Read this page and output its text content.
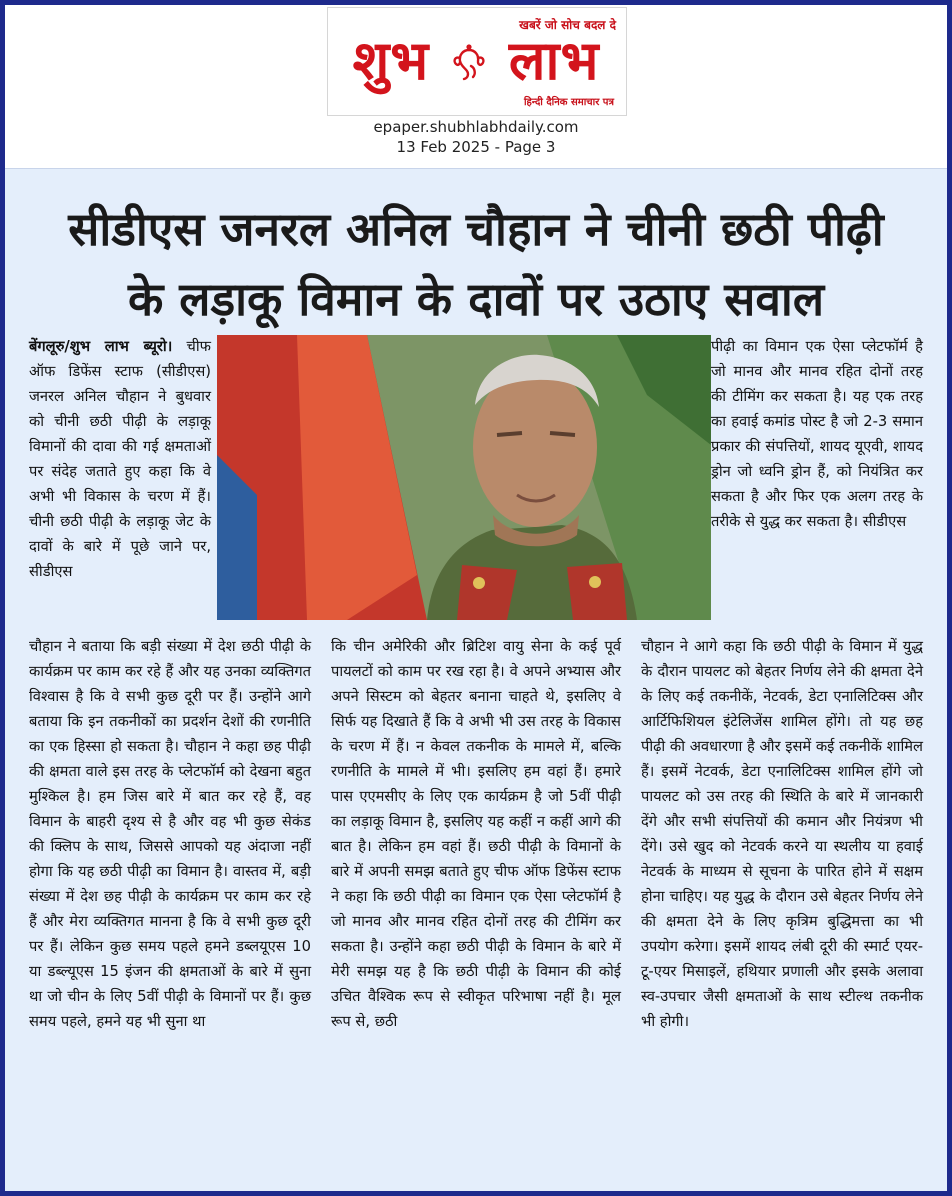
खबरें जो सोच बदल दे
शुभ लाभ
हिन्दी दैनिक समाचार पत्र
epaper.shubhlabhdaily.com
13 Feb 2025 - Page 3
सीडीएस जनरल अनिल चौहान ने चीनी छठी पीढ़ी
के लड़ाकू विमान के दावों पर उठाए सवाल

बेंगलूरु/शुभ लाभ ब्यूरो। चीफ ऑफ डिफेंस स्टाफ (सीडीएस) जनरल अनिल चौहान ने बुधवार को चीनी छठी पीढ़ी के लड़ाकू विमानों की दावा की गई क्षमताओं पर संदेह जताते हुए कहा कि वे अभी भी विकास के चरण में हैं। चीनी छठी पीढ़ी के लड़ाकू जेट के दावों के बारे में पूछे जाने पर, सीडीएस

पीढ़ी का विमान एक ऐसा प्लेटफॉर्म है जो मानव और मानव रहित दोनों तरह की टीमिंग कर सकता है। यह एक तरह का हवाई कमांड पोस्ट है जो 2-3 समान प्रकार की संपत्तियों, शायद यूएवी, शायद ड्रोन जो ध्वनि ड्रोन हैं, को नियंत्रित कर सकता है और फिर एक अलग तरह के तरीके से युद्ध कर सकता है। सीडीएस

चौहान ने बताया कि बड़ी संख्या में देश छठी पीढ़ी के कार्यक्रम पर काम कर रहे हैं और यह उनका व्यक्तिगत विश्वास है कि वे सभी कुछ दूरी पर हैं। उन्होंने आगे बताया कि इन तकनीकों का प्रदर्शन देशों की रणनीति का एक हिस्सा हो सकता है। चौहान ने कहा छह पीढ़ी की क्षमता वाले इस तरह के प्लेटफॉर्म को देखना बहुत मुश्किल है। हम जिस बारे में बात कर रहे हैं, वह विमान के बाहरी दृश्य से है और वह भी कुछ सेकंड की क्लिप के साथ, जिससे आपको यह अंदाजा नहीं होगा कि यह छठी पीढ़ी का विमान है। वास्तव में, बड़ी संख्या में देश छह पीढ़ी के कार्यक्रम पर काम कर रहे हैं और मेरा व्यक्तिगत मानना है कि वे सभी कुछ दूरी पर हैं। लेकिन कुछ समय पहले हमने डब्लयूएस 10 या डब्ल्यूएस 15 इंजन की क्षमताओं के बारे में सुना था जो चीन के लिए 5वीं पीढ़ी के विमानों पर हैं। कुछ समय पहले, हमने यह भी सुना था

कि चीन अमेरिकी और ब्रिटिश वायु सेना के कई पूर्व पायलटों को काम पर रख रहा है। वे अपने अभ्यास और अपने सिस्टम को बेहतर बनाना चाहते थे, इसलिए वे सिर्फ यह दिखाते हैं कि वे अभी भी उस तरह के विकास के चरण में हैं। न केवल तकनीक के मामले में, बल्कि रणनीति के मामले में भी। इसलिए हम वहां हैं। हमारे पास एएमसीए के लिए एक कार्यक्रम है जो 5वीं पीढ़ी का लड़ाकू विमान है, इसलिए यह कहीं न कहीं आगे की बात है। लेकिन हम वहां हैं। छठी पीढ़ी के विमानों के बारे में अपनी समझ बताते हुए चीफ ऑफ डिफेंस स्टाफ ने कहा कि छठी पीढ़ी का विमान एक ऐसा प्लेटफॉर्म है जो मानव और मानव रहित दोनों तरह की टीमिंग कर सकता है। उन्होंने कहा छठी पीढ़ी के विमान के बारे में मेरी समझ यह है कि छठी पीढ़ी के विमान की कोई उचित वैश्विक रूप से स्वीकृत परिभाषा नहीं है। मूल रूप से, छठी

चौहान ने आगे कहा कि छठी पीढ़ी के विमान में युद्ध के दौरान पायलट को बेहतर निर्णय लेने की क्षमता देने के लिए कई तकनीकें, नेटवर्क, डेटा एनालिटिक्स और आर्टिफिशियल इंटेलिजेंस शामिल होंगे। तो यह छह पीढ़ी की अवधारणा है और इसमें कई तकनीकें शामिल हैं। इसमें नेटवर्क, डेटा एनालिटिक्स शामिल होंगे जो पायलट को उस तरह की स्थिति के बारे में जानकारी देंगे और सभी संपत्तियों की कमान और नियंत्रण भी देंगे। उसे खुद को नेटवर्क करने या स्थलीय या हवाई नेटवर्क के माध्यम से सूचना के पारित होने में सक्षम होना चाहिए। यह युद्ध के दौरान उसे बेहतर निर्णय लेने की क्षमता देने के लिए कृत्रिम बुद्धिमत्ता का भी उपयोग करेगा। इसमें शायद लंबी दूरी की स्मार्ट एयर-टू-एयर मिसाइलें, हथियार प्रणाली और इसके अलावा स्व-उपचार जैसी क्षमताओं के साथ स्टील्थ तकनीक भी होगी।
